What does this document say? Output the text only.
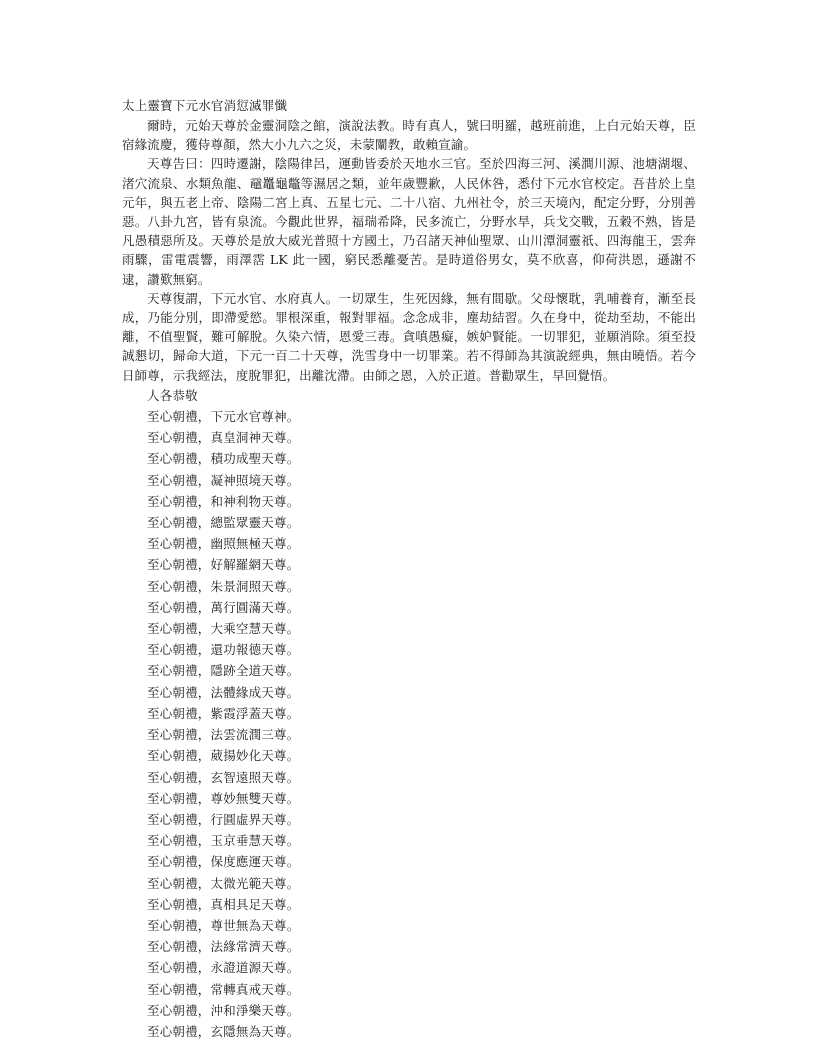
太上靈寶下元水官消愆滅罪懺

爾時，元始天尊於金靈洞陰之館，演說法教。時有真人，號曰明羅，越班前進，上白元始天尊，臣宿緣流慶，獲侍尊顏，然大小九六之災，未蒙闡教，敢賴宣諭。

天尊告曰：四時遷謝，陰陽律呂，運動皆委於天地水三官。至於四海三河、溪澗川源、池塘湖堰、渚穴流泉、水類魚龍、黿鼉龜鼈等濕居之類，並年歲豐歉，人民休咎，悉付下元水官校定。吾昔於上皇元年，與五老上帝、陰陽二宮上真、五星七元、二十八宿、九州社令，於三天境內，配定分野，分別善惡。八卦九宮，皆有泉流。今觀此世界，福瑞希降，民多流亡，分野水旱，兵戈交戰，五穀不熟，皆是凡愚積惡所及。天尊於是放大威光普照十方國土，乃召諸天神仙聖眾、山川潭洞靈祇、四海龍王，雲奔雨驟，雷電震響，雨澤霑 LK 此一國，窮民悉離憂苦。是時道俗男女，莫不欣喜，仰荷洪恩，遜謝不逮，讚歎無窮。

天尊復謂，下元水官、水府真人。一切眾生，生死因緣，無有間歇。父母懷耽，乳哺養育，漸至長成，乃能分別，即滯愛慾。罪根深重，報對罪福。念念成非，塵劫結習。久在身中，從劫至劫，不能出離，不值聖賢，難可解脫。久染六情，恩愛三毒。貪嗔愚癡，嫉妒賢能。一切罪犯，並願消除。須至投誠懇切，歸命大道，下元一百二十天尊，洗雪身中一切罪業。若不得師為其演說經典，無由曉悟。若今日師尊，示我經法，度脫罪犯，出離沈滯。由師之恩，入於正道。普勸眾生，早回覺悟。

人各恭敬
至心朝禮，下元水官尊神。
至心朝禮，真皇洞神天尊。
至心朝禮，積功成聖天尊。
至心朝禮，凝神照境天尊。
至心朝禮，和神利物天尊。
至心朝禮，總監眾靈天尊。
至心朝禮，幽照無極天尊。
至心朝禮，好解羅網天尊。
至心朝禮，朱景洞照天尊。
至心朝禮，萬行圓滿天尊。
至心朝禮，大乘空慧天尊。
至心朝禮，還功報德天尊。
至心朝禮，隱跡全道天尊。
至心朝禮，法體緣成天尊。
至心朝禮，紫霞浮蓋天尊。
至心朝禮，法雲流潤三尊。
至心朝禮，葳揚妙化天尊。
至心朝禮，玄智遠照天尊。
至心朝禮，尊妙無雙天尊。
至心朝禮，行圓虛界天尊。
至心朝禮，玉京垂慧天尊。
至心朝禮，保度應運天尊。
至心朝禮，太微光範天尊。
至心朝禮，真相具足天尊。
至心朝禮，尊世無為天尊。
至心朝禮，法緣常濟天尊。
至心朝禮，永證道源天尊。
至心朝禮，常轉真戒天尊。
至心朝禮，沖和淨樂天尊。
至心朝禮，玄隱無為天尊。
